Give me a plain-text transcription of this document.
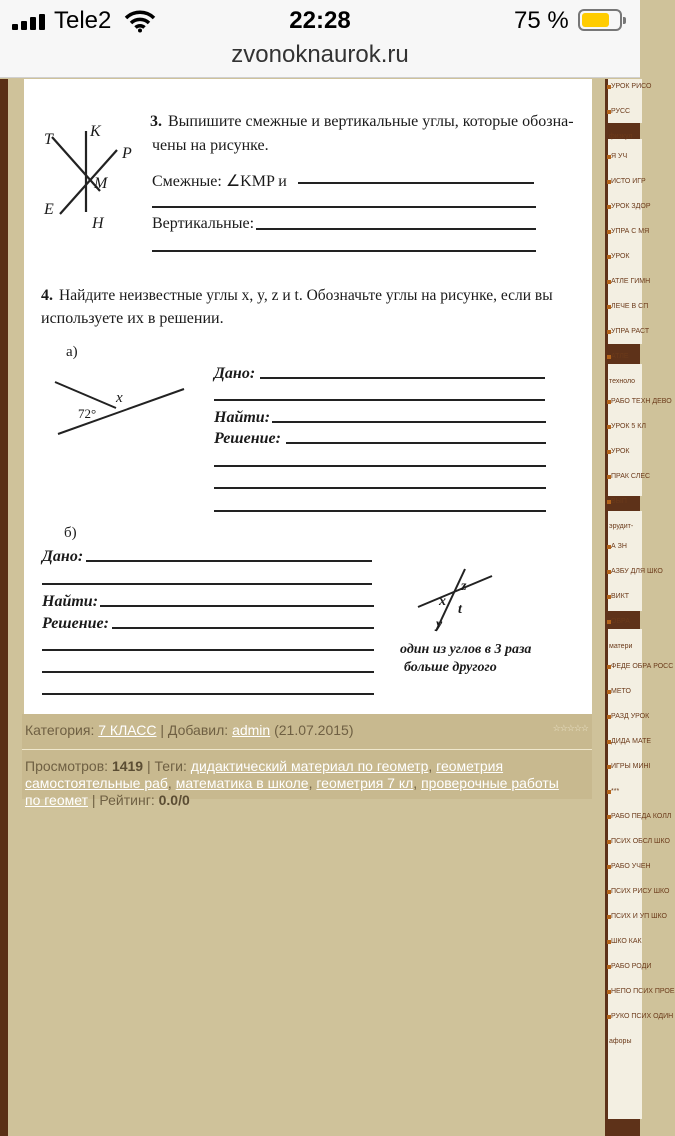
Tele2	22:28	75 %
zvonoknaurok.ru
УРОК РИСО
РУСС
физкул
Я УЧ
ИСТО ИГР
УРОК ЗДОР
УПРА С МЯ
УРОК
АТЛЕ ГИМН
ЛЕЧЕ В СП
УПРА РАСТ
АТЛЕ
техноло
РАБО ТЕХН ДЕВО
УРОК 5 КЛ
УРОК
ПРАК СЛЕС
ВЫП
эрудит-
А ЗН
АЗБУ ДЛЯ ШКО
ВИКТ
ОБРА
матери
ФЕДЕ ОБРА РОСС
МЕТО
РАЗД УРОК
ДИДА МАТЕ
ИГРЫ МИНІ
***
РАБО ПЕДА КОЛЛ
ПСИХ ОБСЛ ШКО
РАБО УЧЕН
ПСИХ РИСУ ШКО
ПСИХ И УП ШКО
ШКО КАК
РАБО РОДИ
НЕПО ПСИХ ПРОЕ
РУКО ПСИХ ОДИН
афоры
T K
P
M
E
H
3. Выпишите смежные и вертикальные углы, которые обозна-
чены на рисунке.
Смежные: ∠KMP и
Вертикальные:
4. Найдите неизвестные углы x, y, z и t. Обозначьте углы на рисунке, если вы
используете их в решении.
а)
72°
x
Дано:
Найти:
Решение:
б)
Дано:
Найти:
Решение:
z
x
t
y
один из углов в 3 раза
больше другого
Категория: 7 КЛАСС | Добавил: admin (21.07.2015)	☆☆☆☆☆
Просмотров: 1419 | Теги: дидактический материал по геометр, геометрия самостоятельные раб, математика в школе, геометрия 7 кл, проверочные работы по геомет | Рейтинг: 0.0/0
